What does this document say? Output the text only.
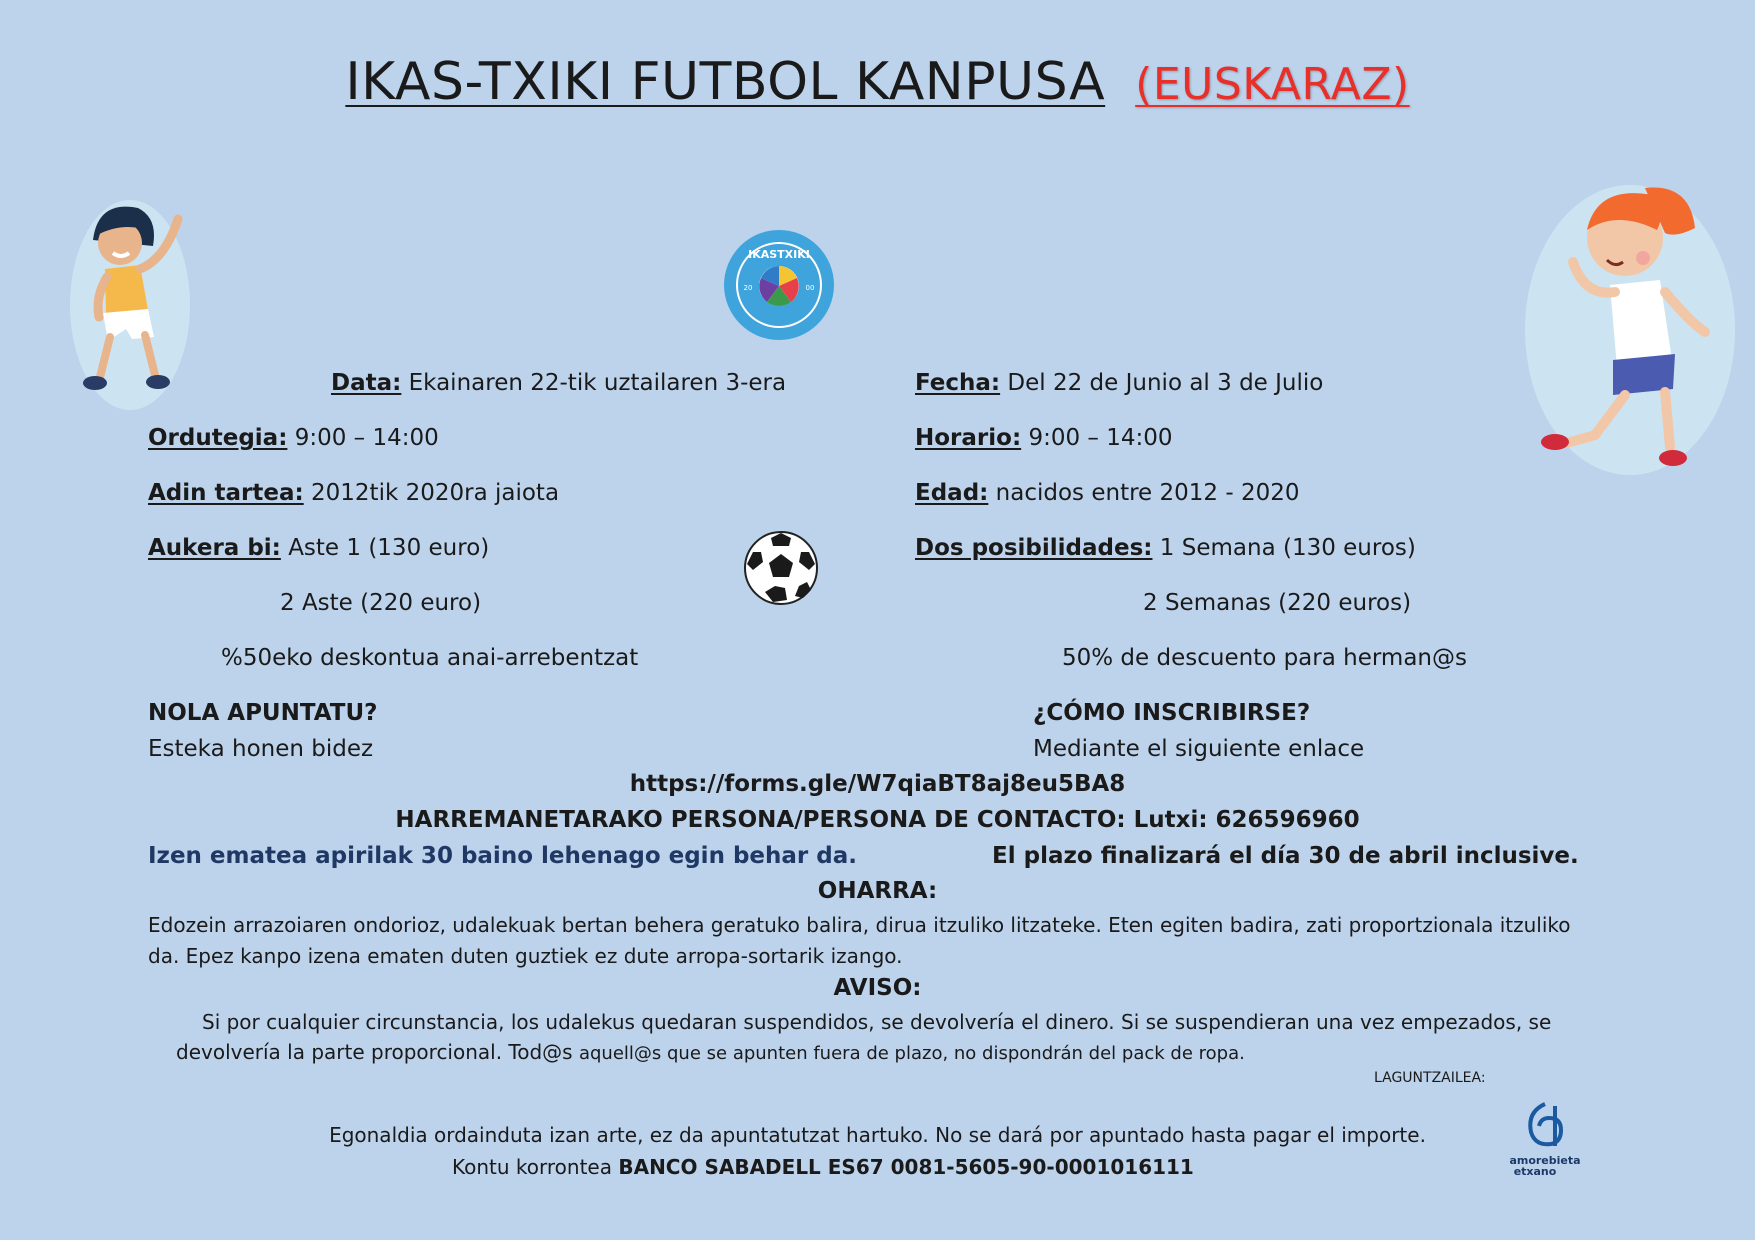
IKAS-TXIKI FUTBOL KANPUSA (EUSKARAZ)
IKASTXIKI
20	00
Data: Ekainaren 22-tik uztailaren 3-era
Ordutegia: 9:00 – 14:00
Adin tartea: 2012tik 2020ra jaiota
Aukera bi: Aste 1 (130 euro)
2 Aste (220 euro)
%50eko deskontua anai-arrebentzat
NOLA APUNTATU?
Esteka honen bidez
Fecha: Del 22 de Junio al 3 de Julio
Horario: 9:00 – 14:00
Edad: nacidos entre 2012 - 2020
Dos posibilidades: 1 Semana (130 euros)
2 Semanas (220 euros)
50% de descuento para herman@s
¿CÓMO INSCRIBIRSE?
Mediante el siguiente enlace
https://forms.gle/W7qiaBT8aj8eu5BA8
HARREMANETARAKO PERSONA/PERSONA DE CONTACTO: Lutxi: 626596960
Izen ematea apirilak 30 baino lehenago egin behar da.	El plazo finalizará el día 30 de abril inclusive.
OHARRA:
Edozein arrazoiaren ondorioz, udalekuak bertan behera geratuko balira, dirua itzuliko litzateke. Eten egiten badira, zati proportzionala itzuliko
da. Epez kanpo izena ematen duten guztiek ez dute arropa-sortarik izango.
AVISO:
Si por cualquier circunstancia, los udalekus quedaran suspendidos, se devolvería el dinero. Si se suspendieran una vez empezados, se
devolvería la parte proporcional. Tod@s aquell@s que se apunten fuera de plazo, no dispondrán del pack de ropa.
LAGUNTZAILEA:
amorebieta
etxano
Egonaldia ordainduta izan arte, ez da apuntatutzat hartuko. No se dará por apuntado hasta pagar el importe.
Kontu korrontea BANCO SABADELL ES67 0081-5605-90-0001016111
